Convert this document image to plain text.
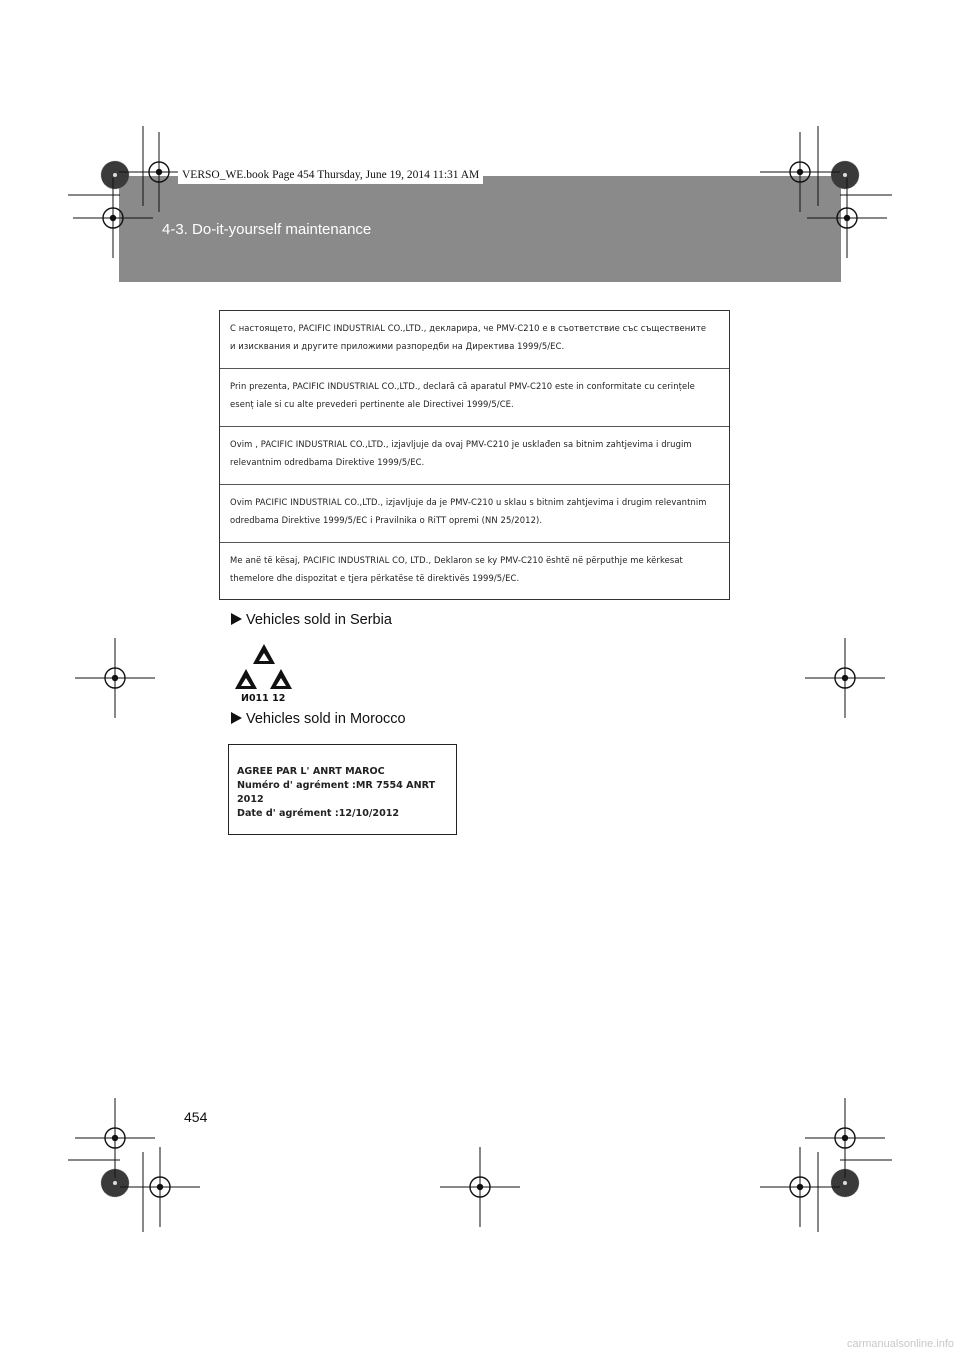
4-3. Do-it-yourself maintenance
VERSO_WE.book Page 454 Thursday, June 19, 2014 11:31 AM
С настоящето, PACIFIC INDUSTRIAL CO.,LTD., декларира, че PMV-C210 е в съответствие със съществените
и изисквания и другите приложими разпоредби на Директива 1999/5/EC.
Prin prezenta, PACIFIC INDUSTRIAL CO.,LTD., declară că aparatul PMV-C210 este in conformitate cu cerințele
esenț iale si cu alte prevederi pertinente ale Directivei 1999/5/CE.
Ovim , PACIFIC INDUSTRIAL CO.,LTD., izjavljuje da ovaj PMV-C210 je usklađen sa bitnim zahtjevima i drugim
relevantnim odredbama Direktive 1999/5/EC.
Ovim PACIFIC INDUSTRIAL CO.,LTD., izjavljuje da je PMV-C210 u sklau s bitnim zahtjevima i drugim relevantnim
odredbama Direktive 1999/5/EC i Pravilnika o RiTT opremi (NN 25/2012).
Me anë të kësaj, PACIFIC INDUSTRIAL CO, LTD., Deklaron se ky PMV-C210 është në përputhje me kërkesat
themelore dhe dispozitat e tjera përkatëse të direktivës 1999/5/EC.
Vehicles sold in Serbia
И011 12
Vehicles sold in Morocco
AGREE PAR L' ANRT MAROC
Numéro d' agrément :MR 7554 ANRT 2012
Date d' agrément :12/10/2012
454
carmanualsonline.info
